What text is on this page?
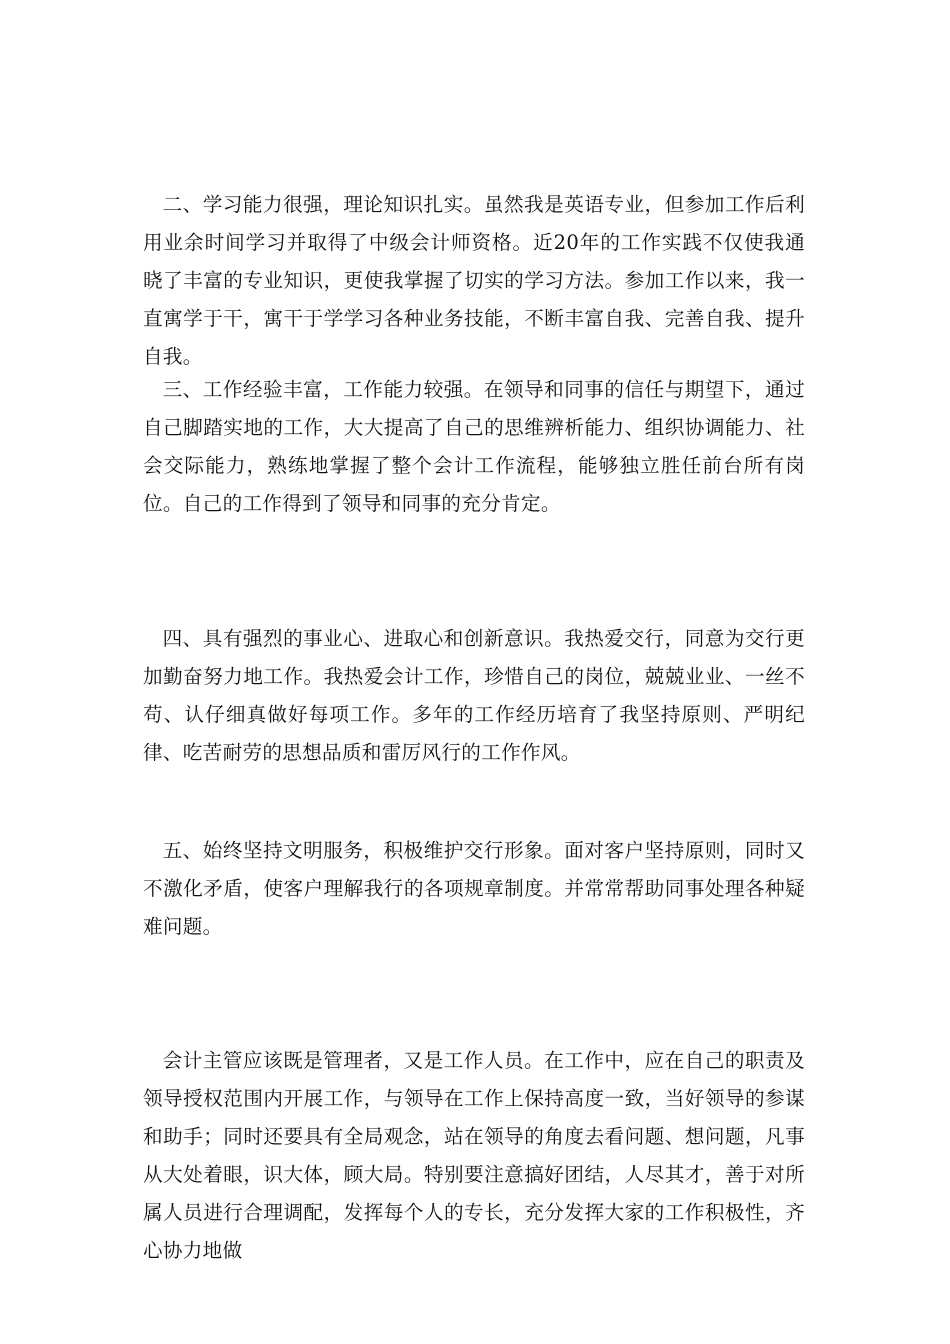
二、学习能力很强，理论知识扎实。虽然我是英语专业，但参加工作后利用业余时间学习并取得了中级会计师资格。近20年的工作实践不仅使我通晓了丰富的专业知识，更使我掌握了切实的学习方法。参加工作以来，我一直寓学于干，寓干于学学习各种业务技能，不断丰富自我、完善自我、提升自我。

三、工作经验丰富，工作能力较强。在领导和同事的信任与期望下，通过自己脚踏实地的工作，大大提高了自己的思维辨析能力、组织协调能力、社会交际能力，熟练地掌握了整个会计工作流程，能够独立胜任前台所有岗位。自己的工作得到了领导和同事的充分肯定。

四、具有强烈的事业心、进取心和创新意识。我热爱交行，同意为交行更加勤奋努力地工作。我热爱会计工作，珍惜自己的岗位，兢兢业业、一丝不苟、认仔细真做好每项工作。多年的工作经历培育了我坚持原则、严明纪律、吃苦耐劳的思想品质和雷厉风行的工作作风。

五、始终坚持文明服务，积极维护交行形象。面对客户坚持原则，同时又不激化矛盾，使客户理解我行的各项规章制度。并常常帮助同事处理各种疑难问题。

会计主管应该既是管理者，又是工作人员。在工作中，应在自己的职责及领导授权范围内开展工作，与领导在工作上保持高度一致，当好领导的参谋和助手；同时还要具有全局观念，站在领导的角度去看问题、想问题，凡事从大处着眼，识大体，顾大局。特别要注意搞好团结，人尽其才，善于对所属人员进行合理调配，发挥每个人的专长，充分发挥大家的工作积极性，齐心协力地做
